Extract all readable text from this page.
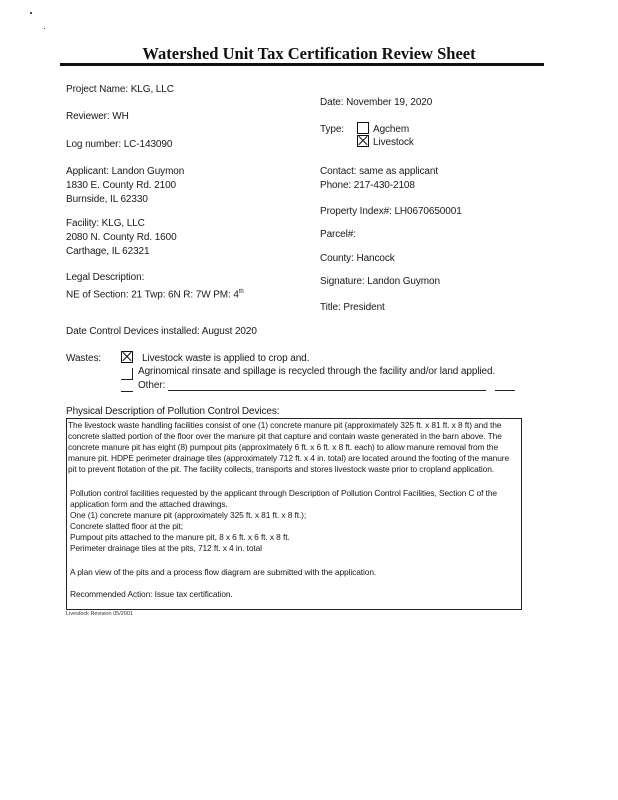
Watershed Unit Tax Certification Review Sheet
Project Name: KLG, LLC
Reviewer: WH
Log number: LC-143090
Applicant: Landon Guymon
1830 E. County Rd. 2100
Burnside, IL 62330
Facility: KLG, LLC
2080 N. County Rd. 1600
Carthage, IL 62321
Legal Description:
NE of Section: 21 Twp: 6N R: 7W PM: 4th
Date: November 19, 2020
Type:	Agchem
Livestock
Contact: same as applicant
Phone: 217-430-2108
Property Index#: LH0670650001
Parcel#:
County: Hancock
Signature: Landon Guymon
Title: President
Date Control Devices installed: August 2020
Wastes:	Livestock waste is applied to crop and.
Agrinomical rinsate and spillage is recycled through the facility and/or land applied.
Other:
Physical Description of Pollution Control Devices:
The livestock waste handling facilities consist of one (1) concrete manure pit (approximately 325 ft. x 81 ft. x 8 ft) and the
concrete slatted portion of the floor over the manure pit that capture and contain waste generated in the barn above. The
concrete manure pit has eight (8) pumpout pits (approximately 6 ft. x 6 ft. x 8 ft. each) to allow manure removal from the
manure pit. HDPE perimeter drainage tiles (approximately 712 ft. x 4 in. total) are located around the footing of the manure
pit to prevent flotation of the pit. The facility collects, transports and stores livestock waste prior to cropland application.
Pollution control facilities requested by the applicant through Description of Pollution Control Facilities, Section C of the
application form and the attached drawings.
One (1) concrete manure pit (approximately 325 ft. x 81 ft. x 8 ft.);
Concrete slatted floor at the pit;
Pumpout pits attached to the manure pit, 8 x 6 ft. x 6 ft. x 8 ft.
Perimeter drainage tiles at the pits, 712 ft. x 4 in. total
A plan view of the pits and a process flow diagram are submitted with the application.
Recommended Action: Issue tax certification.
Livestock Revision 05/2001
